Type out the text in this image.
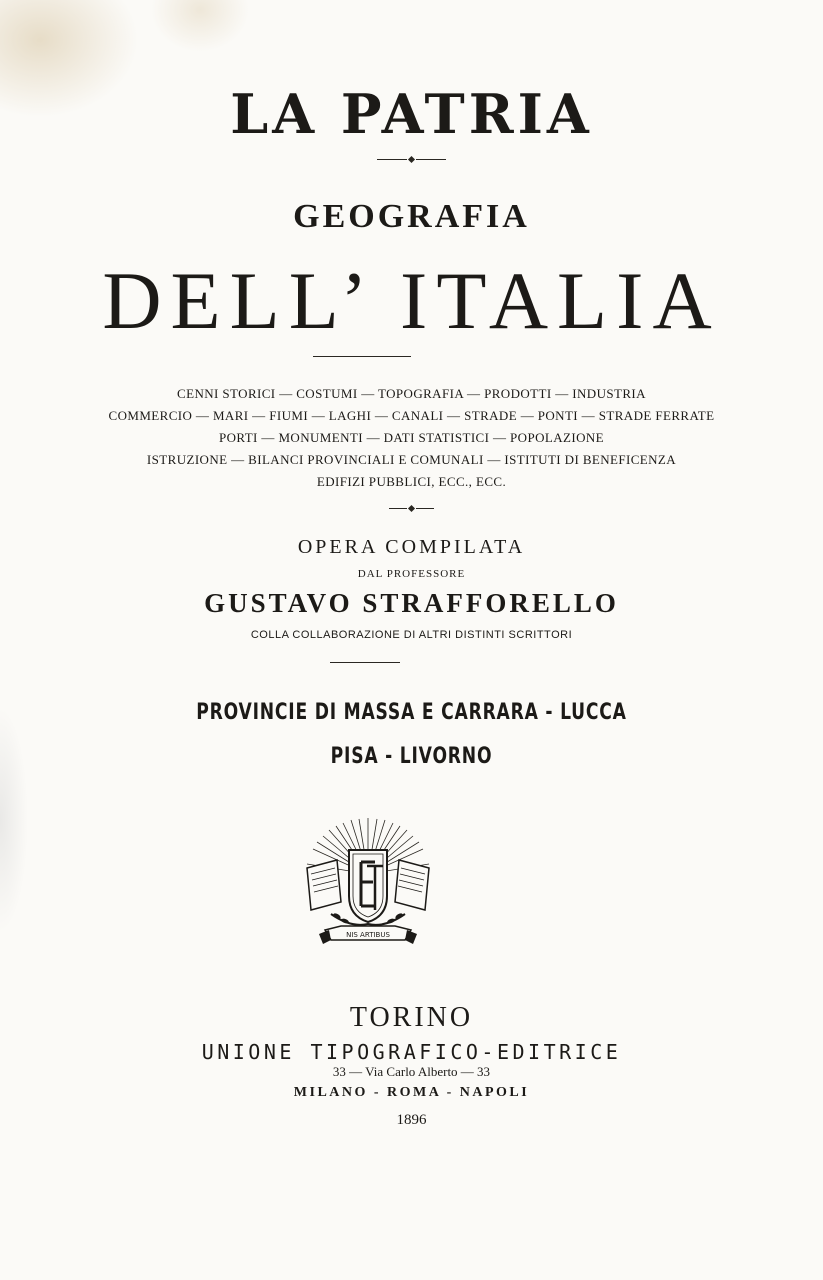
LA PATRIA
GEOGRAFIA
DELL’ ITALIA
CENNI STORICI — COSTUMI — TOPOGRAFIA — PRODOTTI — INDUSTRIA
COMMERCIO — MARI — FIUMI — LAGHI — CANALI — STRADE — PONTI — STRADE FERRATE
PORTI — MONUMENTI — DATI STATISTICI — POPOLAZIONE
ISTRUZIONE — BILANCI PROVINCIALI E COMUNALI — ISTITUTI DI BENEFICENZA
EDIFIZI PUBBLICI, ECC., ECC.
OPERA COMPILATA
DAL PROFESSORE
GUSTAVO STRAFFORELLO
COLLA COLLABORAZIONE DI ALTRI DISTINTI SCRITTORI
PROVINCIE DI MASSA E CARRARA - LUCCA
PISA - LIVORNO
NIS ARTIBUS
TORINO
UNIONE TIPOGRAFICO-EDITRICE
33 — Via Carlo Alberto — 33
MILANO - ROMA - NAPOLI
1896
